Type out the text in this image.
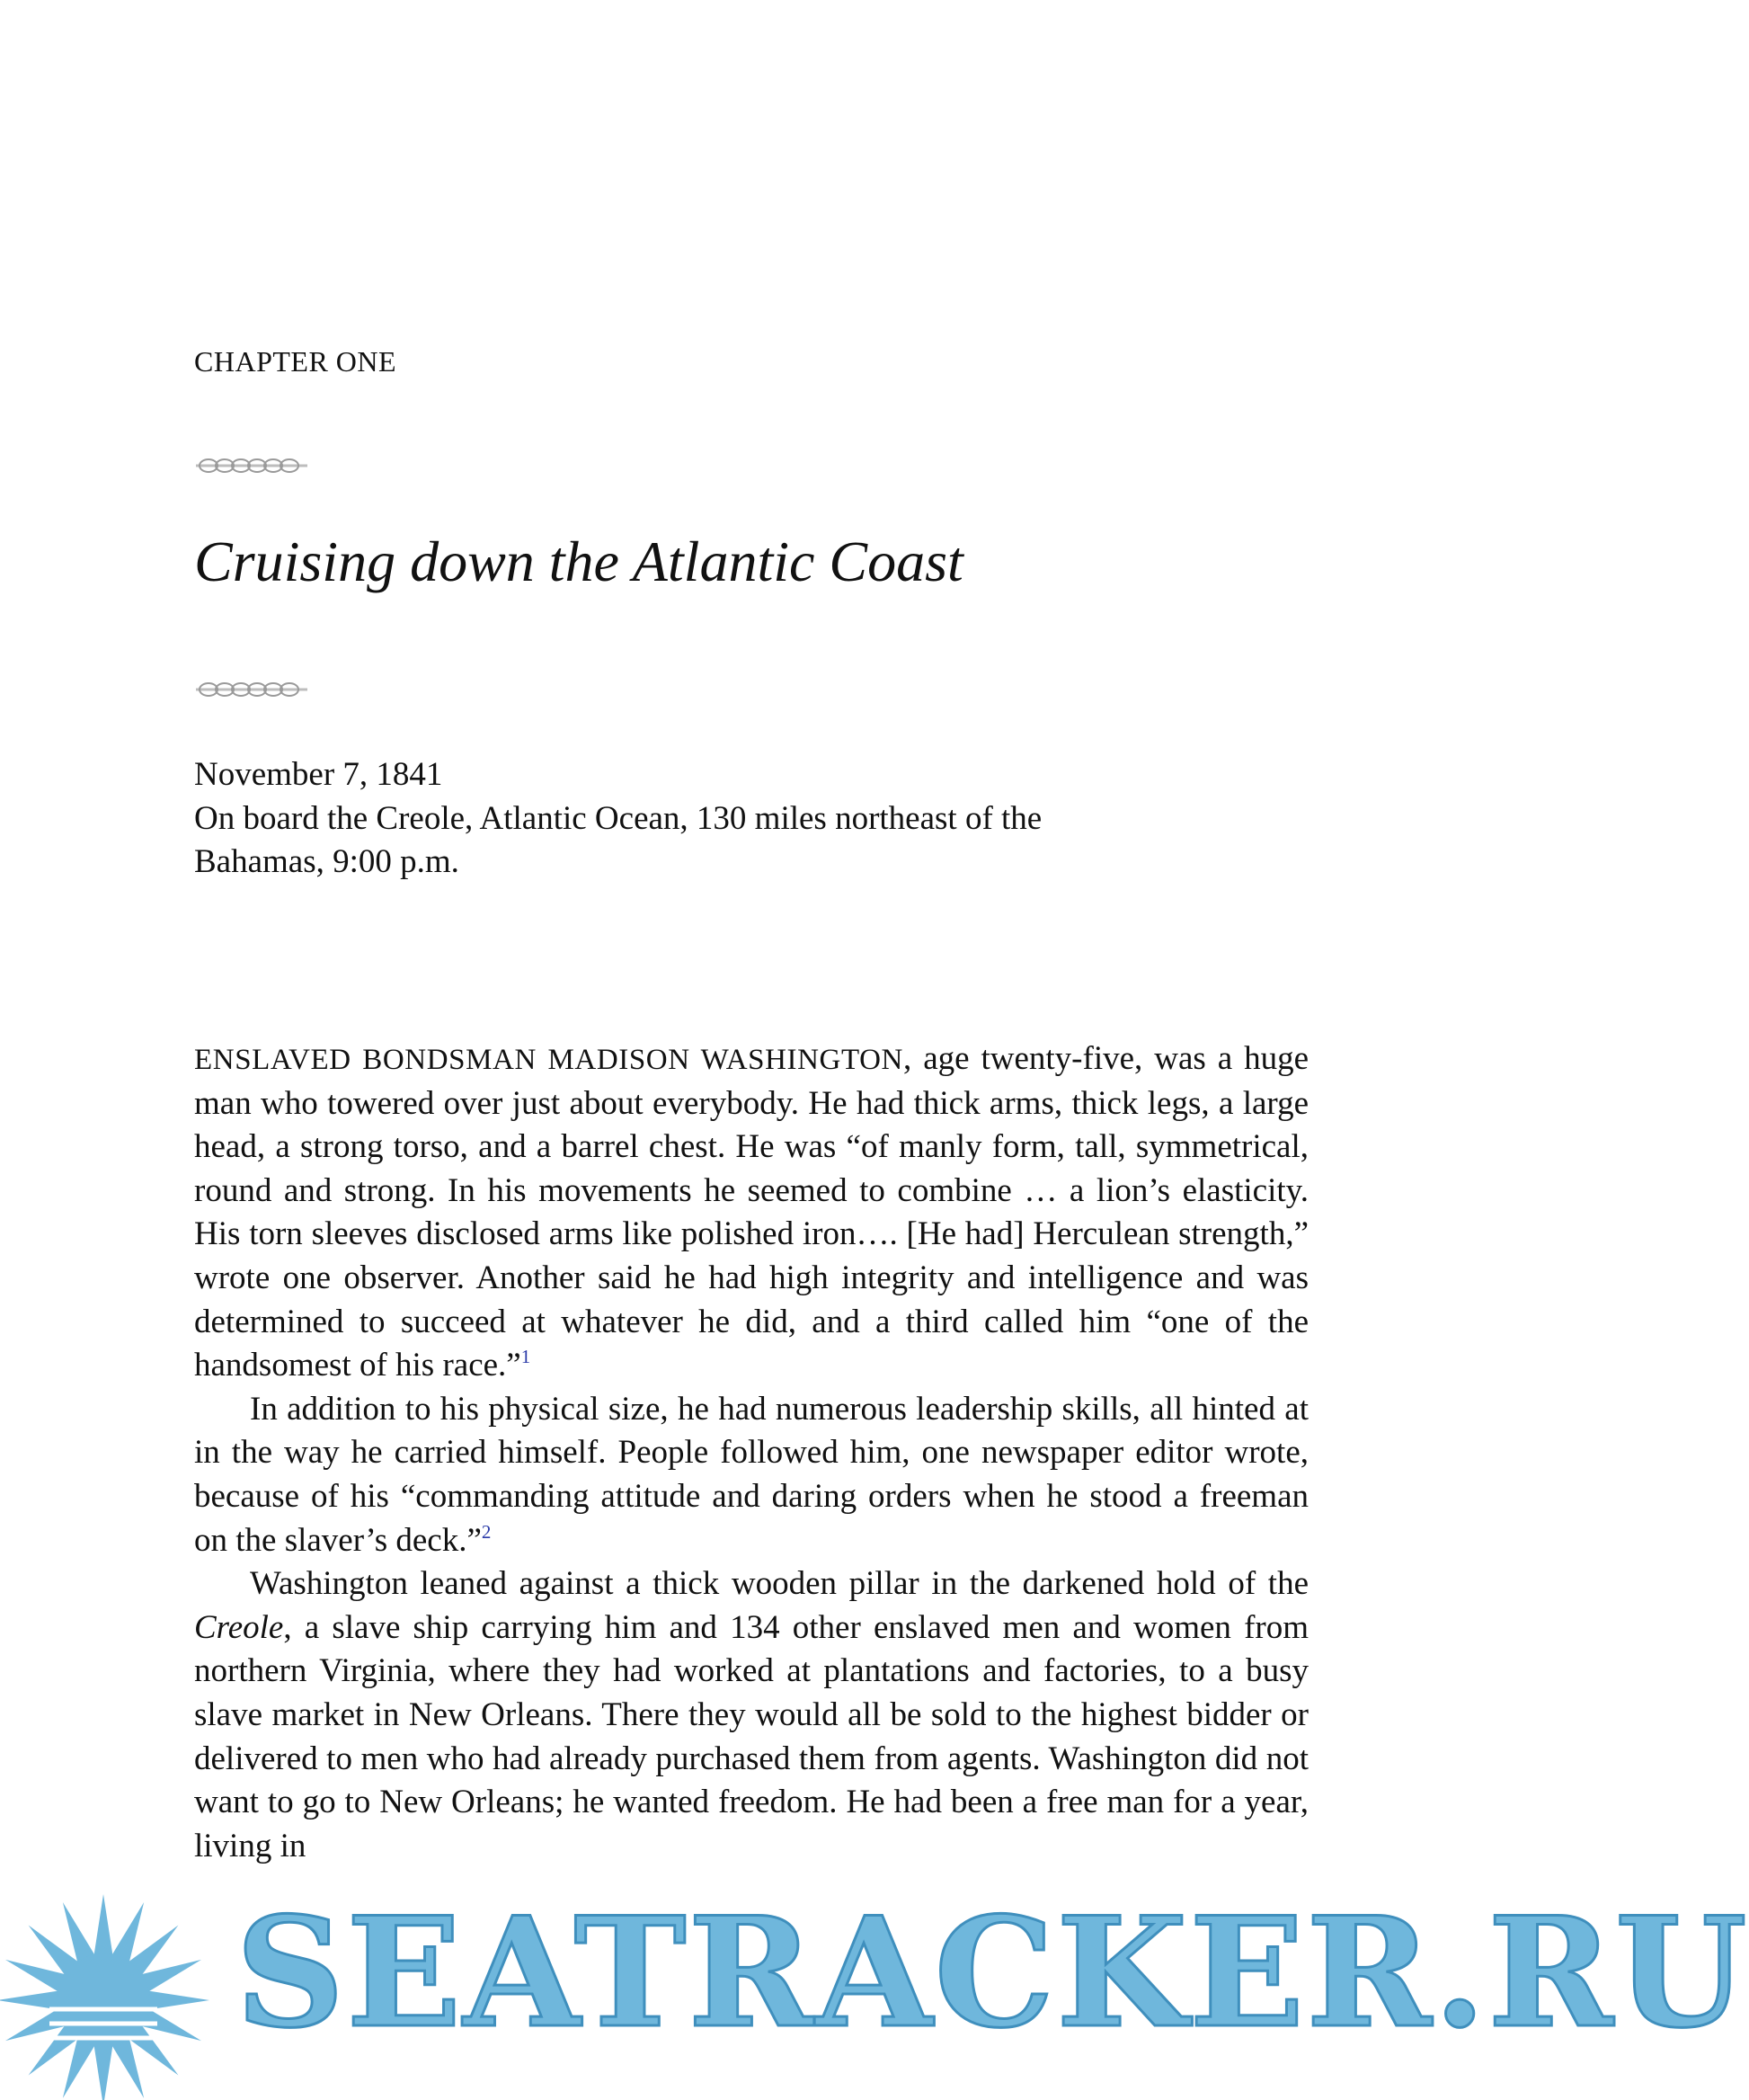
CHAPTER ONE
Cruising down the Atlantic Coast
November 7, 1841
On board the Creole, Atlantic Ocean, 130 miles northeast of the
Bahamas, 9:00 p.m.

ENSLAVED BONDSMAN MADISON WASHINGTON, age twenty-five, was a huge man who towered over just about everybody. He had thick arms, thick legs, a large head, a strong torso, and a barrel chest. He was “of manly form, tall, symmetrical, round and strong. In his movements he seemed to combine … a lion’s elasticity. His torn sleeves disclosed arms like polished iron…. [He had] Herculean strength,” wrote one observer. Another said he had high integrity and intelligence and was determined to succeed at whatever he did, and a third called him “one of the handsomest of his race.”$^1$

In addition to his physical size, he had numerous leadership skills, all hinted at in the way he carried himself. People followed him, one newspaper editor wrote, because of his “commanding attitude and daring orders when he stood a freeman on the slaver’s deck.”$^2$

Washington leaned against a thick wooden pillar in the darkened hold of the Creole, a slave ship carrying him and 134 other enslaved men and women from northern Virginia, where they had worked at plantations and factories, to a busy slave market in New Orleans. There they would all be sold to the highest bidder or delivered to men who had already purchased them from agents. Washington did not want to go to New Orleans; he wanted freedom. He had been a free man for a year, living in

SEATRACKER.RU
